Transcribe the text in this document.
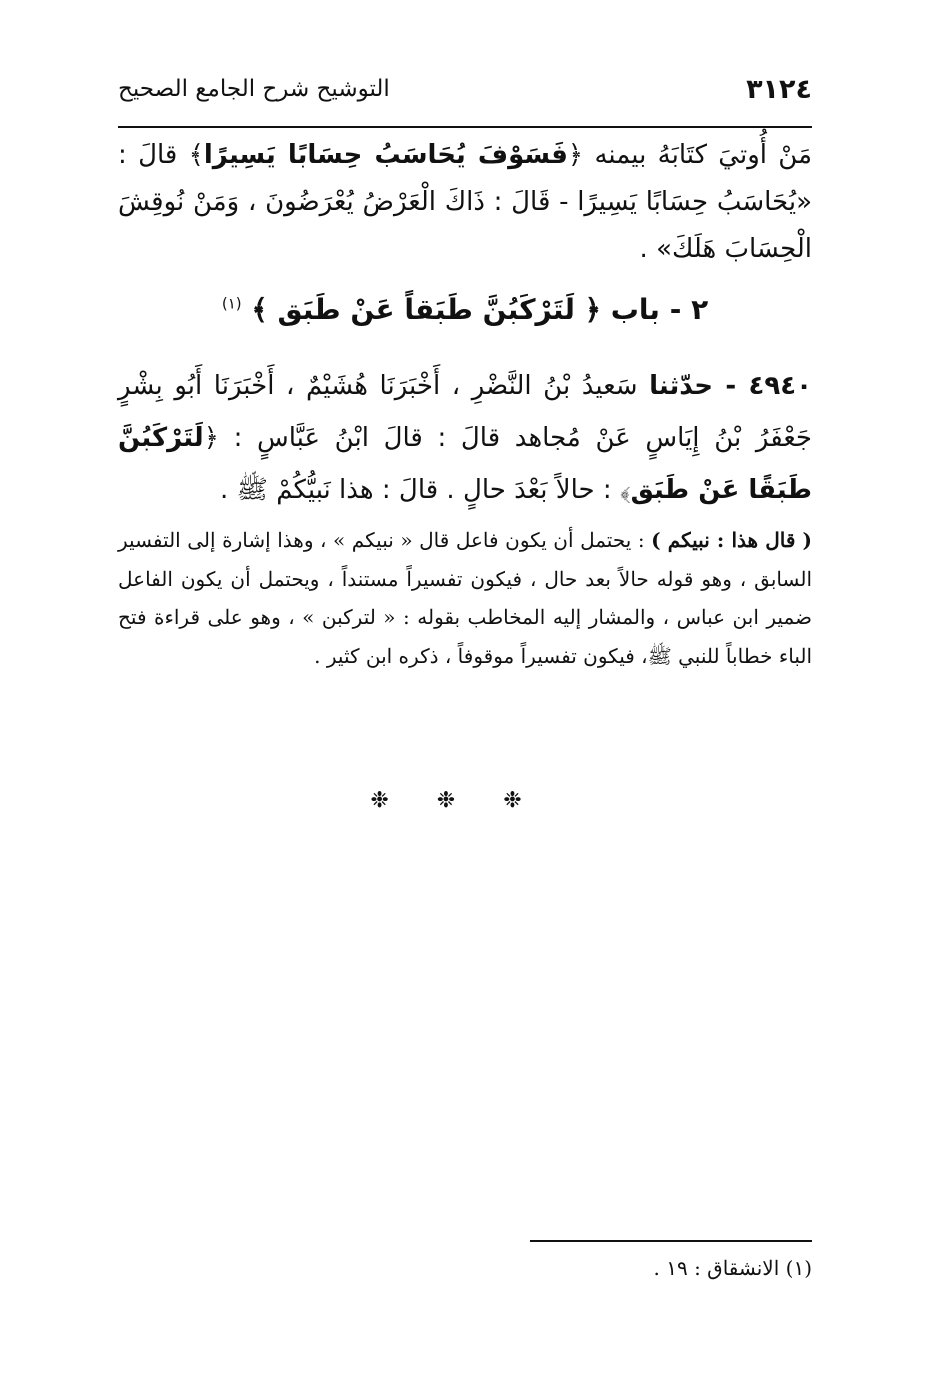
٣١٢٤
التوشيح شرح الجامع الصحيح

مَنْ أُوتيَ كتَابَهُ بيمنه ﴿فَسَوْفَ يُحَاسَبُ حِسَابًا يَسِيرًا﴾ قالَ : «يُحَاسَبُ حِسَابًا يَسِيرًا - قَالَ : ذَاكَ الْعَرْضُ يُعْرَضُونَ ، وَمَنْ نُوقِشَ الْحِسَابَ هَلَكَ» .

٢ - باب ﴿ لَتَرْكَبُنَّ طَبَقاً عَنْ طَبَق ﴾ $^{(١)}$

٤٩٤٠ - حدّثنا سَعيدُ بْنُ النَّضْرِ ، أَخْبَرَنَا هُشَيْمٌ ، أَخْبَرَنَا أَبُو بِشْرٍ جَعْفَرُ بْنُ إِيَاسٍ عَنْ مُجاهد قالَ : قالَ ابْنُ عَبَّاسٍ : ﴿لَتَرْكَبُنَّ طَبَقًا عَنْ طَبَق﴾ : حالاً بَعْدَ حالٍ . قالَ : هذا نَبيُّكُمْ ﷺ .

( قال هذا : نبيكم ) : يحتمل أن يكون فاعل قال « نبيكم » ، وهذا إشارة إلى التفسير السابق ، وهو قوله حالاً بعد حال ، فيكون تفسيراً مستنداً ، ويحتمل أن يكون الفاعل ضمير ابن عباس ، والمشار إليه المخاطب بقوله : « لتركبن » ، وهو على قراءة فتح الباء خطاباً للنبي ﷺ، فيكون تفسيراً موقوفاً ، ذكره ابن كثير .

❉❉❉
(١) الانشقاق : ١٩ .
